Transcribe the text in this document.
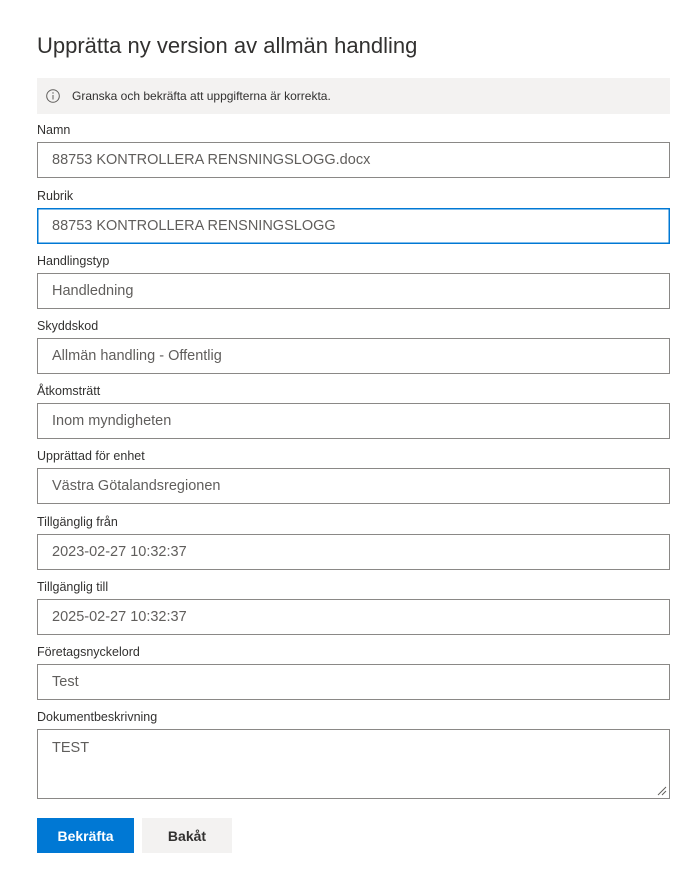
Upprätta ny version av allmän handling
Granska och bekräfta att uppgifterna är korrekta.
Namn
88753 KONTROLLERA RENSNINGSLOGG.docx
Rubrik
88753 KONTROLLERA RENSNINGSLOGG
Handlingstyp
Handledning
Skyddskod
Allmän handling - Offentlig
Åtkomsträtt
Inom myndigheten
Upprättad för enhet
Västra Götalandsregionen
Tillgänglig från
2023-02-27 10:32:37
Tillgänglig till
2025-02-27 10:32:37
Företagsnyckelord
Test
Dokumentbeskrivning
TEST
Bekräfta	Bakåt
